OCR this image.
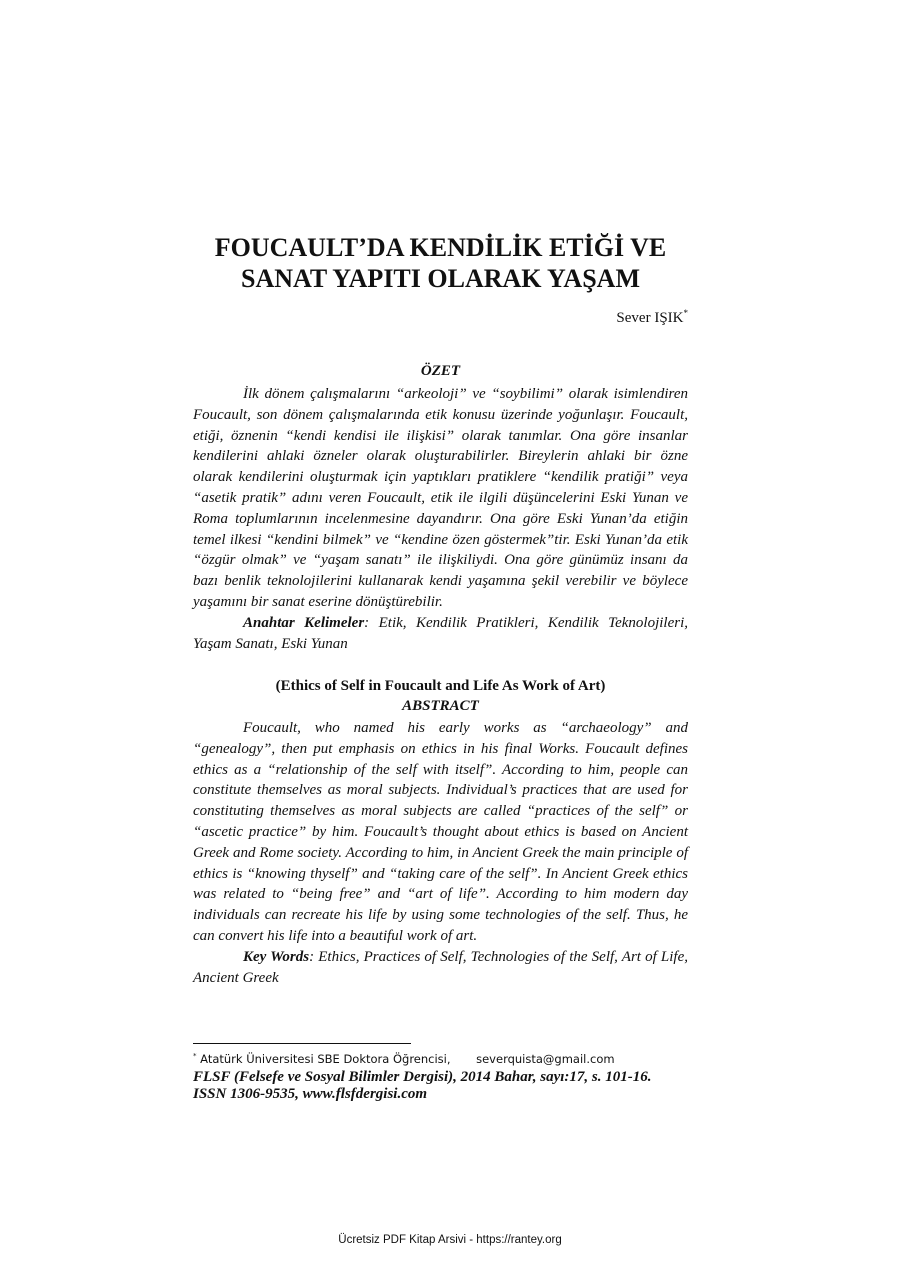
FOUCAULT’DA KENDİLİK ETİĞİ VE
SANAT YAPITI OLARAK YAŞAM
Sever IŞIK*
ÖZET

İlk dönem çalışmalarını “arkeoloji” ve “soybilimi” olarak isimlendiren Foucault, son dönem çalışmalarında etik konusu üzerinde yoğunlaşır. Foucault, etiği, öznenin “kendi kendisi ile ilişkisi” olarak tanımlar. Ona göre insanlar kendilerini ahlaki özneler olarak oluşturabilirler. Bireylerin ahlaki bir özne olarak kendilerini oluşturmak için yaptıkları pratiklere “kendilik pratiği” veya “asetik pratik” adını veren Foucault, etik ile ilgili düşüncelerini Eski Yunan ve Roma toplumlarının incelenmesine dayandırır. Ona göre Eski Yunan’da etiğin temel ilkesi “kendini bilmek” ve “kendine özen göstermek”tir. Eski Yunan’da etik “özgür olmak” ve “yaşam sanatı” ile ilişkiliydi. Ona göre günümüz insanı da bazı benlik teknolojilerini kullanarak kendi yaşamına şekil verebilir ve böylece yaşamını bir sanat eserine dönüştürebilir.
Anahtar Kelimeler: Etik, Kendilik Pratikleri, Kendilik Teknolojileri, Yaşam Sanatı, Eski Yunan

(Ethics of Self in Foucault and Life As Work of Art)
ABSTRACT

Foucault, who named his early works as “archaeology” and “genealogy”, then put emphasis on ethics in his final Works. Foucault defines ethics as a “relationship of the self with itself”. According to him, people can constitute themselves as moral subjects. Individual’s practices that are used for constituting themselves as moral subjects are called “practices of the self” or “ascetic practice” by him. Foucault’s thought about ethics is based on Ancient Greek and Rome society. According to him, in Ancient Greek the main principle of ethics is “knowing thyself” and “taking care of the self”. In Ancient Greek ethics was related to “being free” and “art of life”. According to him modern day individuals can recreate his life by using some technologies of the self. Thus, he can convert his life into a beautiful work of art.
Key Words: Ethics, Practices of Self, Technologies of the Self, Art of Life, Ancient Greek

* Atatürk Üniversitesi SBE Doktora Öğrencisi,       severquista@gmail.com
FLSF (Felsefe ve Sosyal Bilimler Dergisi), 2014 Bahar, sayı:17, s. 101-16.
ISSN 1306-9535, www.flsfdergisi.com
Ücretsiz PDF Kitap Arsivi - https://rantey.org
